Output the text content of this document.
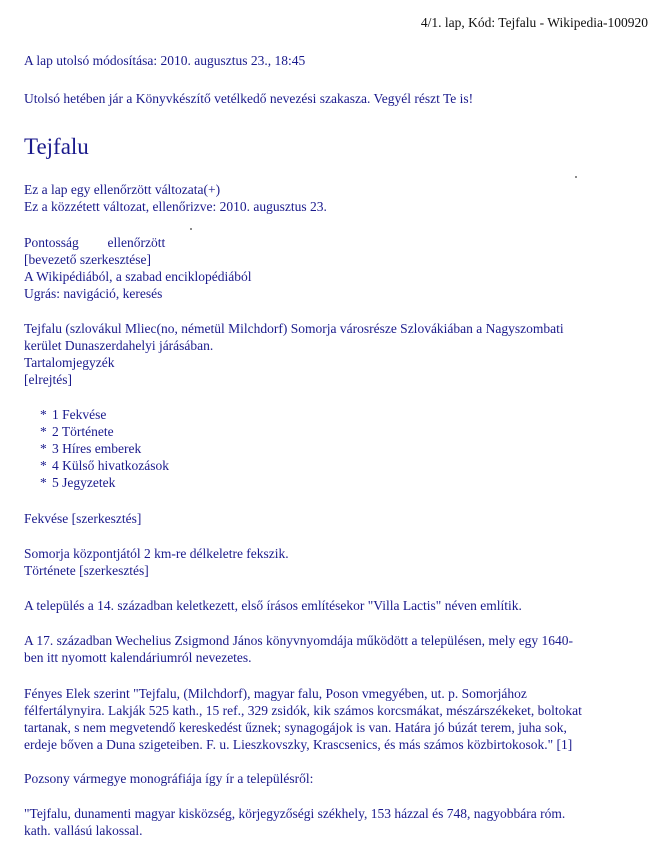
4/1. lap, Kód: Tejfalu - Wikipedia-100920
A lap utolsó módosítása: 2010. augusztus 23., 18:45
Utolsó hetében jár a Könyvkészítő vetélkedő nevezési szakasza. Vegyél részt Te is!
Tejfalu
Ez a lap egy ellenőrzött változata(+)
Ez a közzétett változat, ellenőrizve: 2010. augusztus 23.
Pontosság ellenőrzött
[bevezető szerkesztése]
A Wikipédiából, a szabad enciklopédiából
Ugrás: navigáció, keresés
Tejfalu (szlovákul Mliec(no, németül Milchdorf) Somorja városrésze Szlovákiában a Nagyszombati
kerület Dunaszerdahelyi járásában.
Tartalomjegyzék
[elrejtés]
* 1 Fekvése
* 2 Története
* 3 Híres emberek
* 4 Külső hivatkozások
* 5 Jegyzetek
Fekvése [szerkesztés]
Somorja központjától 2 km-re délkeletre fekszik.
Története [szerkesztés]
A település a 14. században keletkezett, első írásos említésekor "Villa Lactis" néven említik.
A 17. században Wechelius Zsigmond János könyvnyomdája működött a településen, mely egy 1640-
ben itt nyomott kalendáriumról nevezetes.
Fényes Elek szerint "Tejfalu, (Milchdorf), magyar falu, Poson vmegyében, ut. p. Somorjához
félfertálynyira. Lakják 525 kath., 15 ref., 329 zsidók, kik számos korcsmákat, mészárszékeket, boltokat
tartanak, s nem megvetendő kereskedést űznek; synagogájok is van. Határa jó búzát terem, juha sok,
erdeje bőven a Duna szigeteiben. F. u. Lieszkovszky, Krascsenics, és más számos közbirtokosok." [1]
Pozsony vármegye monográfiája így ír a településről:
"Tejfalu, dunamenti magyar kisközség, körjegyzőségi székhely, 153 házzal és 748, nagyobbára róm.
kath. vallású lakossal.
